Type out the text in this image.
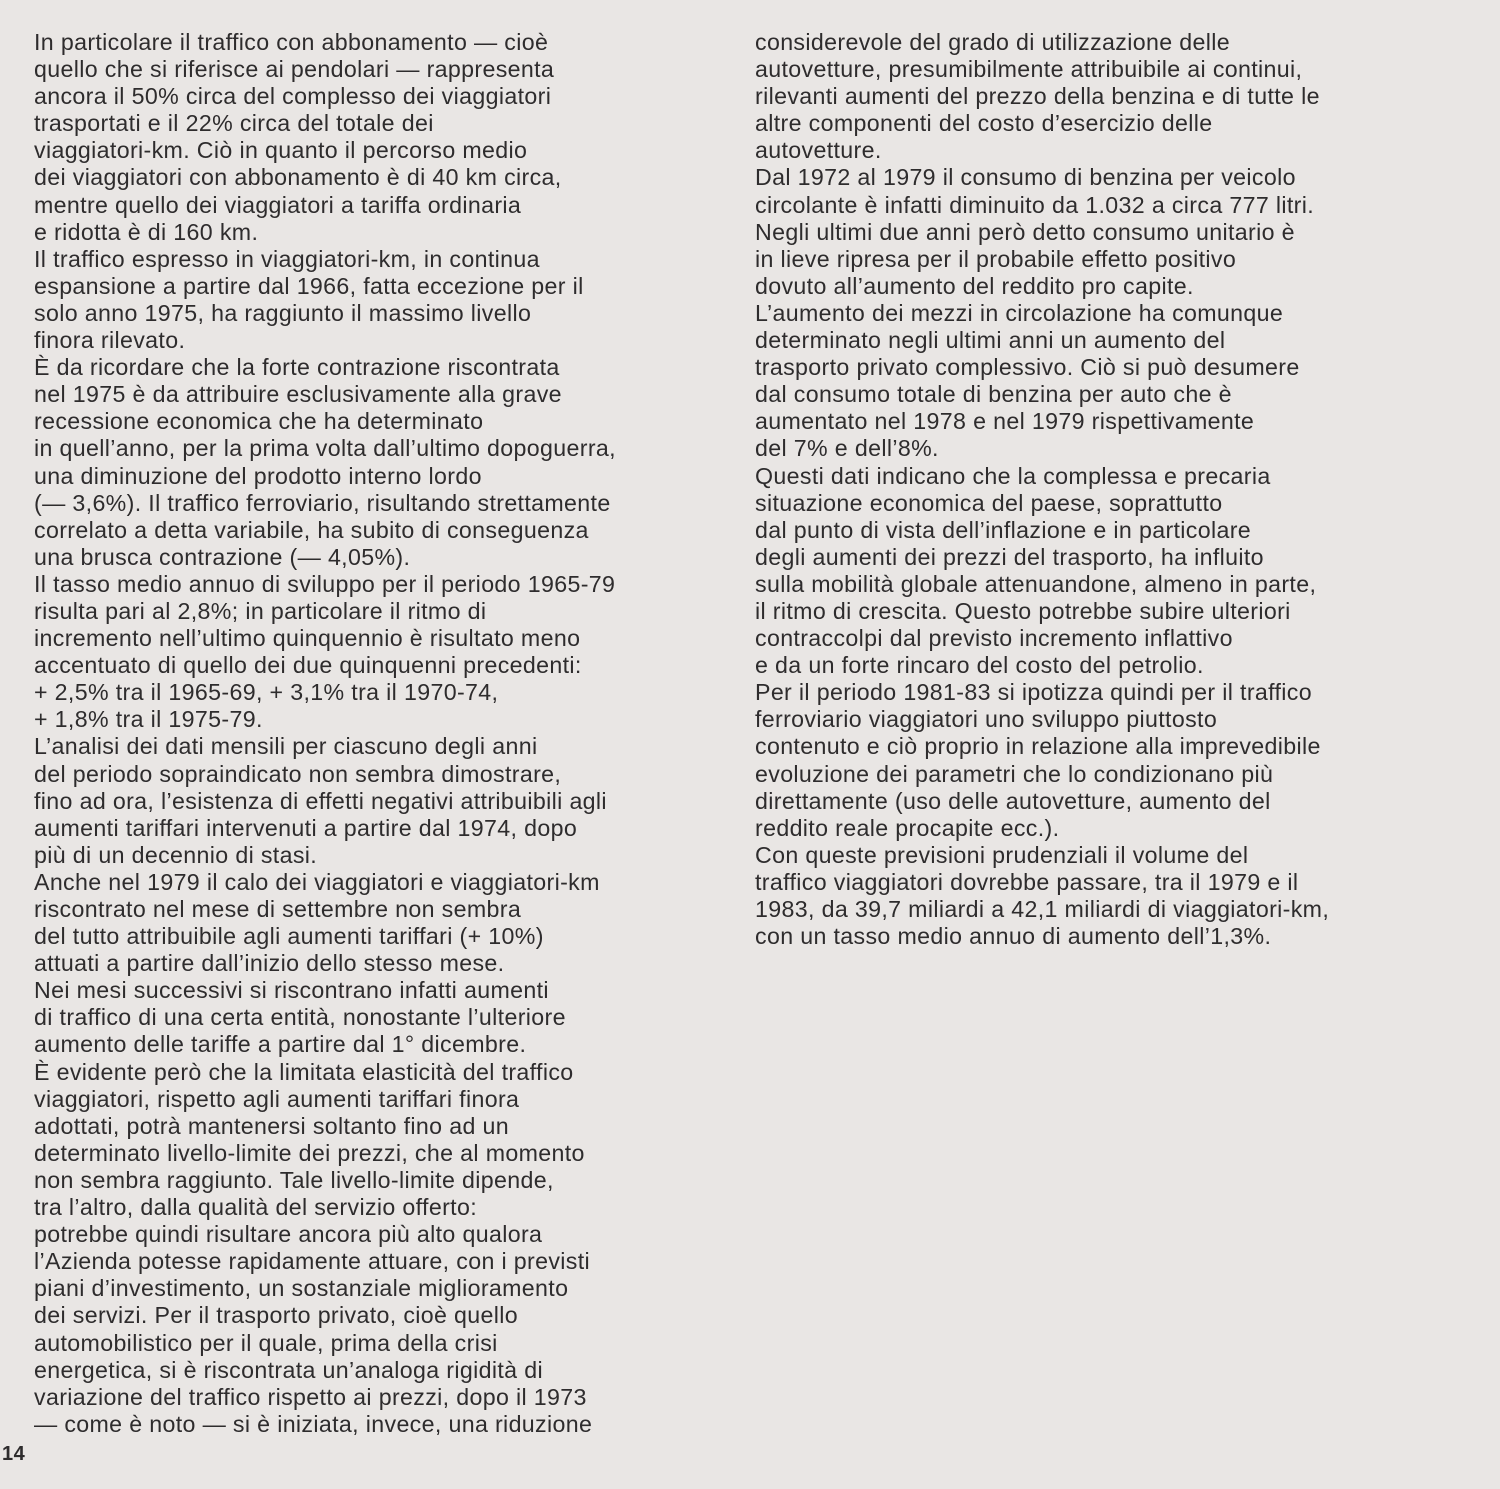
In particolare il traffico con abbonamento — cioè
quello che si riferisce ai pendolari — rappresenta
ancora il 50% circa del complesso dei viaggiatori
trasportati e il 22% circa del totale dei
viaggiatori-km. Ciò in quanto il percorso medio
dei viaggiatori con abbonamento è di 40 km circa,
mentre quello dei viaggiatori a tariffa ordinaria
e ridotta è di 160 km.
Il traffico espresso in viaggiatori-km, in continua
espansione a partire dal 1966, fatta eccezione per il
solo anno 1975, ha raggiunto il massimo livello
finora rilevato.
È da ricordare che la forte contrazione riscontrata
nel 1975 è da attribuire esclusivamente alla grave
recessione economica che ha determinato
in quell’anno, per la prima volta dall’ultimo dopoguerra,
una diminuzione del prodotto interno lordo
(— 3,6%). Il traffico ferroviario, risultando strettamente
correlato a detta variabile, ha subito di conseguenza
una brusca contrazione (— 4,05%).
Il tasso medio annuo di sviluppo per il periodo 1965-79
risulta pari al 2,8%; in particolare il ritmo di
incremento nell’ultimo quinquennio è risultato meno
accentuato di quello dei due quinquenni precedenti:
+ 2,5% tra il 1965-69, + 3,1% tra il 1970-74,
+ 1,8% tra il 1975-79.
L’analisi dei dati mensili per ciascuno degli anni
del periodo sopraindicato non sembra dimostrare,
fino ad ora, l’esistenza di effetti negativi attribuibili agli
aumenti tariffari intervenuti a partire dal 1974, dopo
più di un decennio di stasi.
Anche nel 1979 il calo dei viaggiatori e viaggiatori-km
riscontrato nel mese di settembre non sembra
del tutto attribuibile agli aumenti tariffari (+ 10%)
attuati a partire dall’inizio dello stesso mese.
Nei mesi successivi si riscontrano infatti aumenti
di traffico di una certa entità, nonostante l’ulteriore
aumento delle tariffe a partire dal 1° dicembre.
È evidente però che la limitata elasticità del traffico
viaggiatori, rispetto agli aumenti tariffari finora
adottati, potrà mantenersi soltanto fino ad un
determinato livello-limite dei prezzi, che al momento
non sembra raggiunto. Tale livello-limite dipende,
tra l’altro, dalla qualità del servizio offerto:
potrebbe quindi risultare ancora più alto qualora
l’Azienda potesse rapidamente attuare, con i previsti
piani d’investimento, un sostanziale miglioramento
dei servizi. Per il trasporto privato, cioè quello
automobilistico per il quale, prima della crisi
energetica, si è riscontrata un’analoga rigidità di
variazione del traffico rispetto ai prezzi, dopo il 1973
— come è noto — si è iniziata, invece, una riduzione
considerevole del grado di utilizzazione delle
autovetture, presumibilmente attribuibile ai continui,
rilevanti aumenti del prezzo della benzina e di tutte le
altre componenti del costo d’esercizio delle
autovetture.
Dal 1972 al 1979 il consumo di benzina per veicolo
circolante è infatti diminuito da 1.032 a circa 777 litri.
Negli ultimi due anni però detto consumo unitario è
in lieve ripresa per il probabile effetto positivo
dovuto all’aumento del reddito pro capite.
L’aumento dei mezzi in circolazione ha comunque
determinato negli ultimi anni un aumento del
trasporto privato complessivo. Ciò si può desumere
dal consumo totale di benzina per auto che è
aumentato nel 1978 e nel 1979 rispettivamente
del 7% e dell’8%.
Questi dati indicano che la complessa e precaria
situazione economica del paese, soprattutto
dal punto di vista dell’inflazione e in particolare
degli aumenti dei prezzi del trasporto, ha influito
sulla mobilità globale attenuandone, almeno in parte,
il ritmo di crescita. Questo potrebbe subire ulteriori
contraccolpi dal previsto incremento inflattivo
e da un forte rincaro del costo del petrolio.
Per il periodo 1981-83 si ipotizza quindi per il traffico
ferroviario viaggiatori uno sviluppo piuttosto
contenuto e ciò proprio in relazione alla imprevedibile
evoluzione dei parametri che lo condizionano più
direttamente (uso delle autovetture, aumento del
reddito reale procapite ecc.).
Con queste previsioni prudenziali il volume del
traffico viaggiatori dovrebbe passare, tra il 1979 e il
1983, da 39,7 miliardi a 42,1 miliardi di viaggiatori-km,
con un tasso medio annuo di aumento dell’1,3%.
14
